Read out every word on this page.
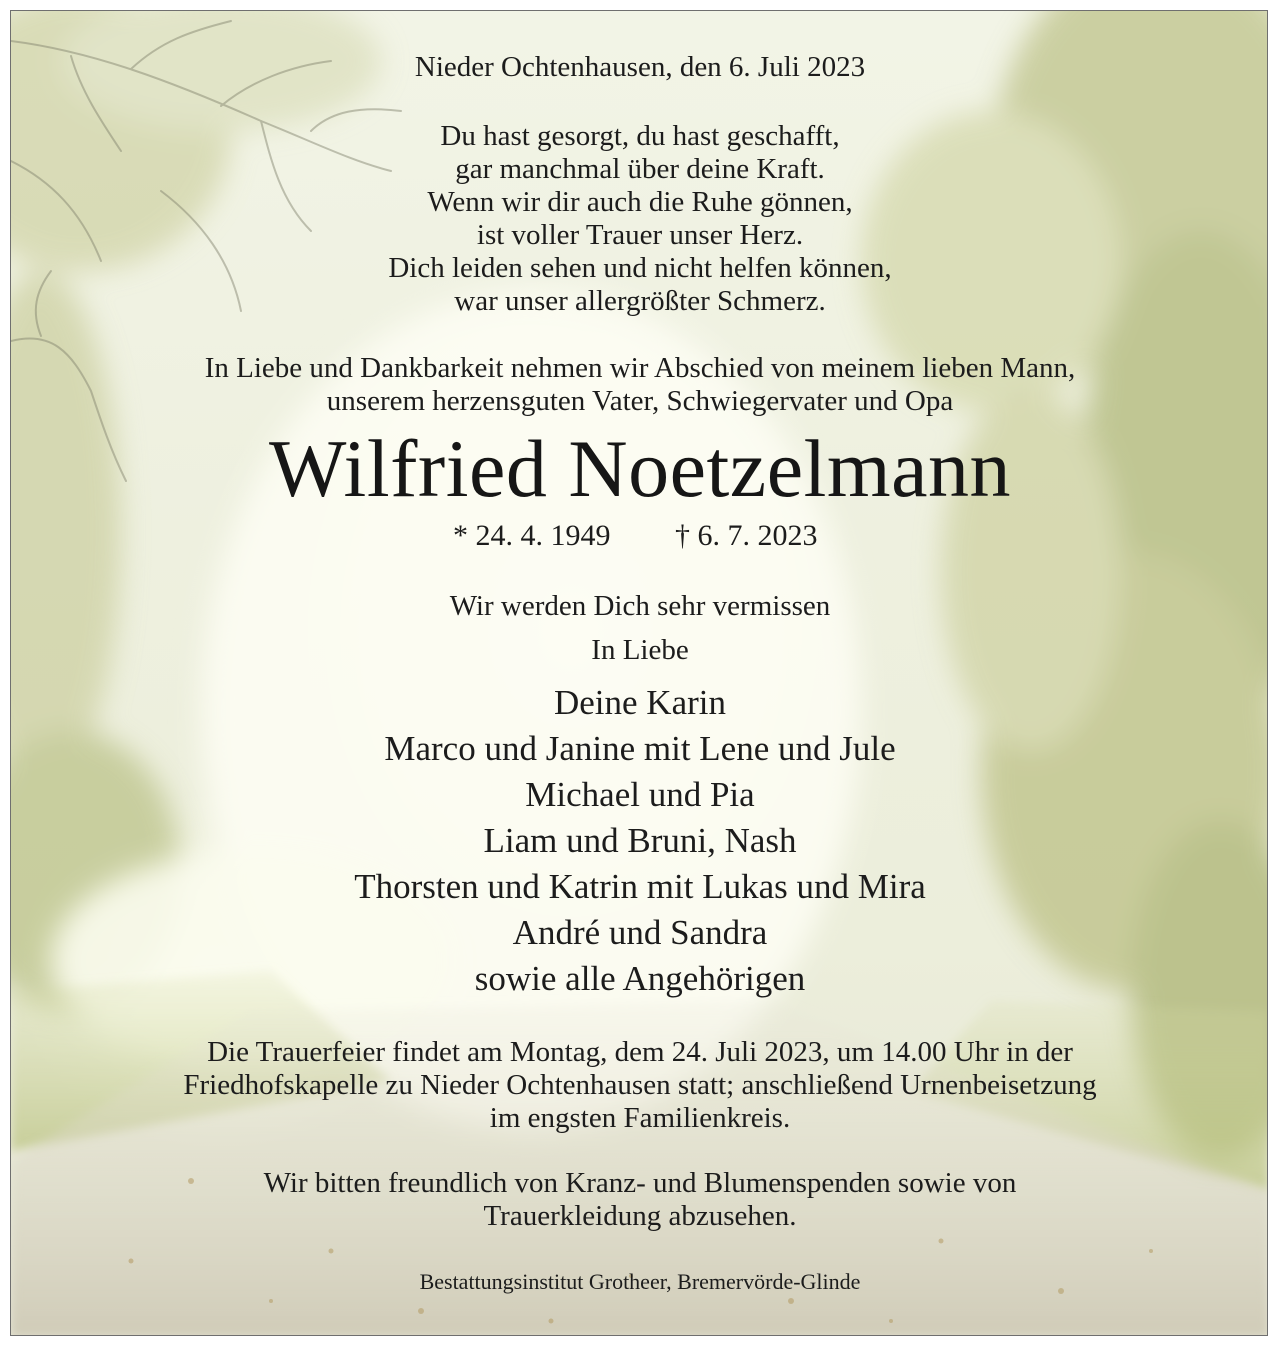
Nieder Ochtenhausen, den 6. Juli 2023

Du hast gesorgt, du hast geschafft,

gar manchmal über deine Kraft.

Wenn wir dir auch die Ruhe gönnen,

ist voller Trauer unser Herz.

Dich leiden sehen und nicht helfen können,

war unser allergrößter Schmerz.

In Liebe und Dankbarkeit nehmen wir Abschied von meinem lieben Mann,

unserem herzensguten Vater, Schwiegervater und Opa

Wilfried Noetzelmann

* 24. 4. 1949 † 6. 7. 2023

Wir werden Dich sehr vermissen

In Liebe

Deine Karin

Marco und Janine mit Lene und Jule

Michael und Pia

Liam und Bruni, Nash

Thorsten und Katrin mit Lukas und Mira

André und Sandra

sowie alle Angehörigen

Die Trauerfeier findet am Montag, dem 24. Juli 2023, um 14.00 Uhr in der

Friedhofskapelle zu Nieder Ochtenhausen statt; anschließend Urnenbeisetzung

im engsten Familienkreis.

Wir bitten freundlich von Kranz- und Blumenspenden sowie von

Trauerkleidung abzusehen.

Bestattungsinstitut Grotheer, Bremervörde-Glinde
